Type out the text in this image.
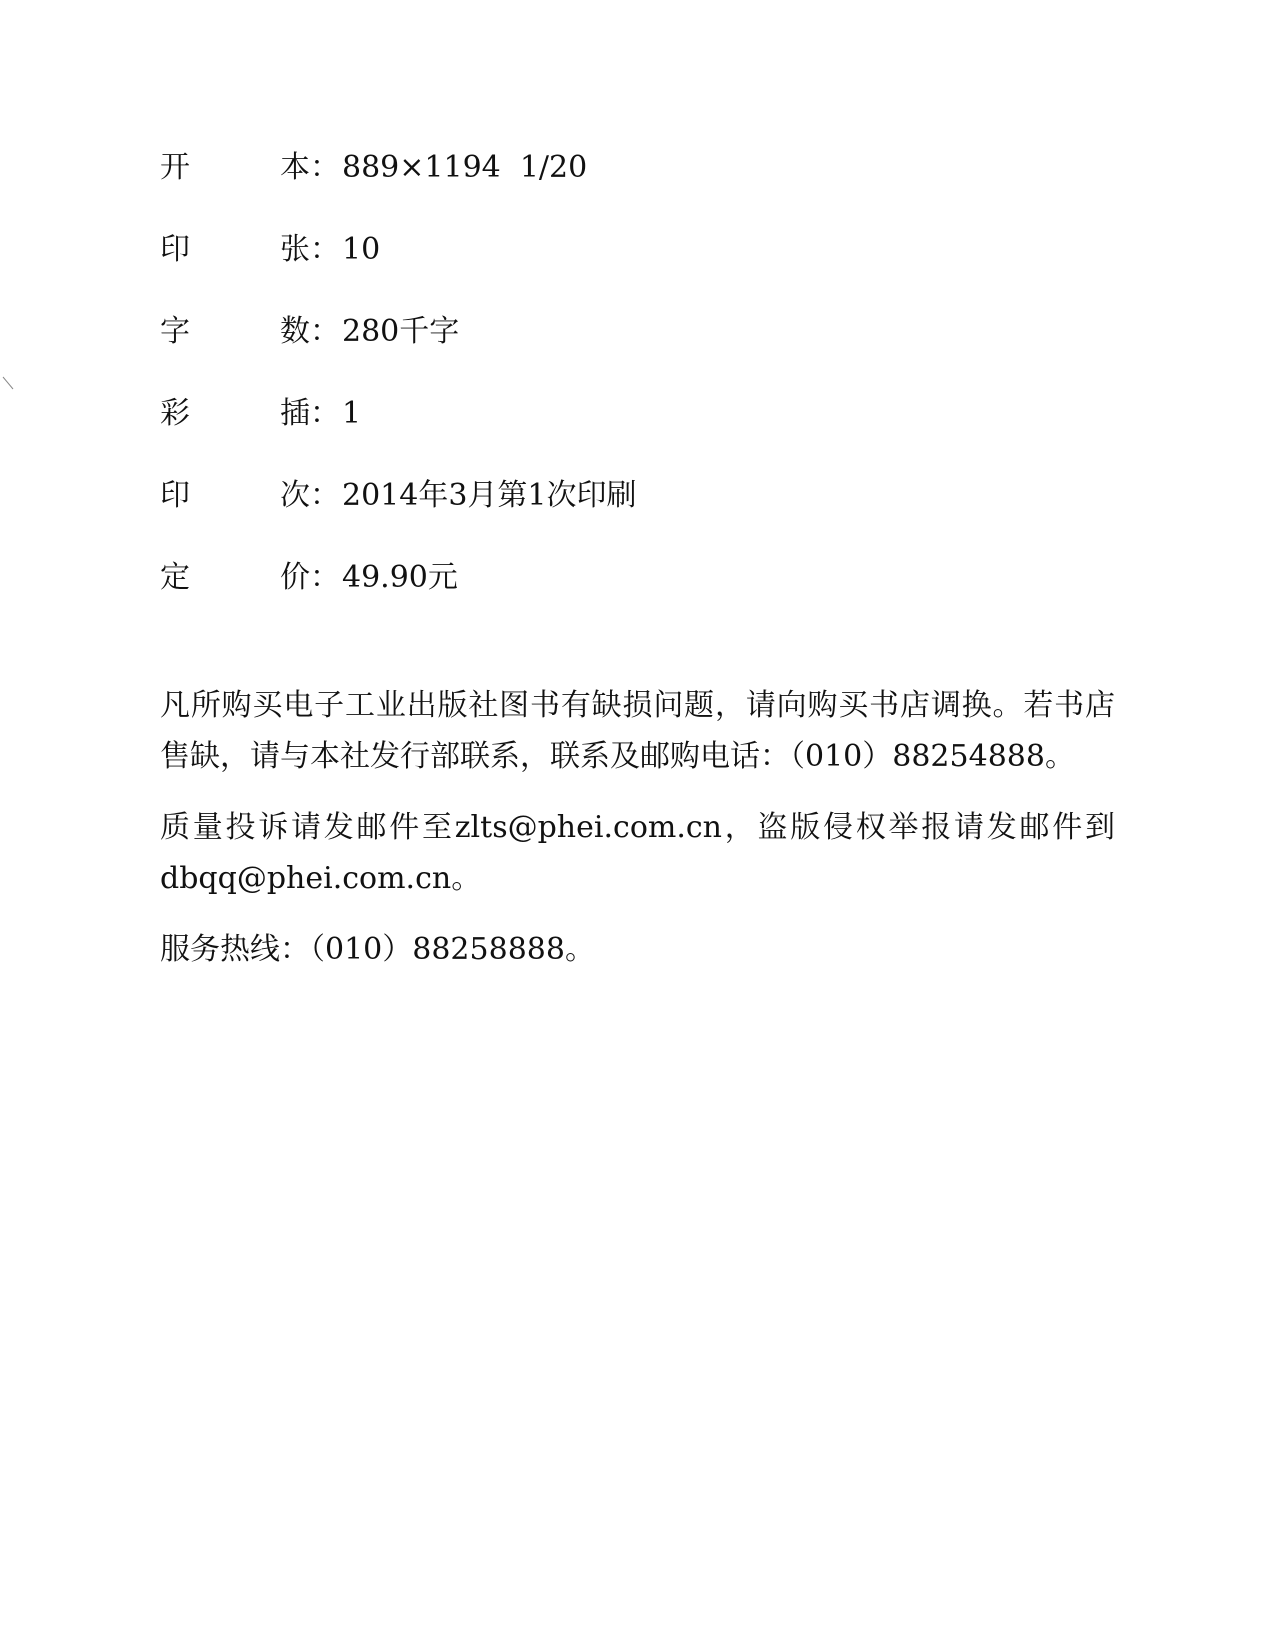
开	本 ： 889×1194  1/20
印	张 ： 10
字	数 ： 280千字
彩	插 ： 1
印	次 ： 2014年3月第1次印刷
定	价 ： 49.90元

凡所购买电子工业出版社图书有缺损问题，请向购买书店调换。若书店售缺，请与本社发行部联系，联系及邮购电话：（010）88254888。

质量投诉请发邮件至zlts@phei.com.cn，盗版侵权举报请发邮件到dbqq@phei.com.cn。

服务热线：（010）88258888。
